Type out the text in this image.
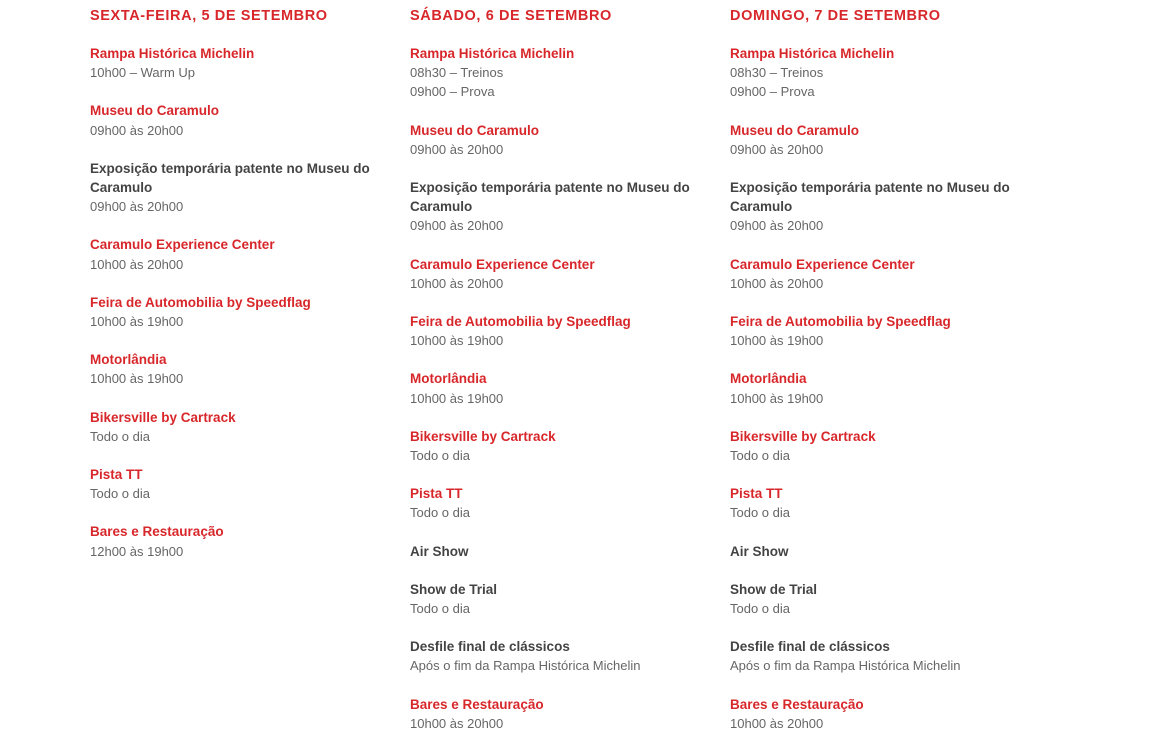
SEXTA-FEIRA, 5 DE SETEMBRO
Rampa Histórica Michelin
10h00 – Warm Up
Museu do Caramulo
09h00 às 20h00
Exposição temporária patente no Museu do Caramulo
09h00 às 20h00
Caramulo Experience Center
10h00 às 20h00
Feira de Automobilia by Speedflag
10h00 às 19h00
Motorlândia
10h00 às 19h00
Bikersville by Cartrack
Todo o dia
Pista TT
Todo o dia
Bares e Restauração
12h00 às 19h00
SÁBADO, 6 DE SETEMBRO
Rampa Histórica Michelin
08h30 – Treinos
09h00 – Prova
Museu do Caramulo
09h00 às 20h00
Exposição temporária patente no Museu do Caramulo
09h00 às 20h00
Caramulo Experience Center
10h00 às 20h00
Feira de Automobilia by Speedflag
10h00 às 19h00
Motorlândia
10h00 às 19h00
Bikersville by Cartrack
Todo o dia
Pista TT
Todo o dia
Air Show
Show de Trial
Todo o dia
Desfile final de clássicos
Após o fim da Rampa Histórica Michelin
Bares e Restauração
10h00 às 20h00
DOMINGO, 7 DE SETEMBRO
Rampa Histórica Michelin
08h30 – Treinos
09h00 – Prova
Museu do Caramulo
09h00 às 20h00
Exposição temporária patente no Museu do Caramulo
09h00 às 20h00
Caramulo Experience Center
10h00 às 20h00
Feira de Automobilia by Speedflag
10h00 às 19h00
Motorlândia
10h00 às 19h00
Bikersville by Cartrack
Todo o dia
Pista TT
Todo o dia
Air Show
Show de Trial
Todo o dia
Desfile final de clássicos
Após o fim da Rampa Histórica Michelin
Bares e Restauração
10h00 às 20h00
